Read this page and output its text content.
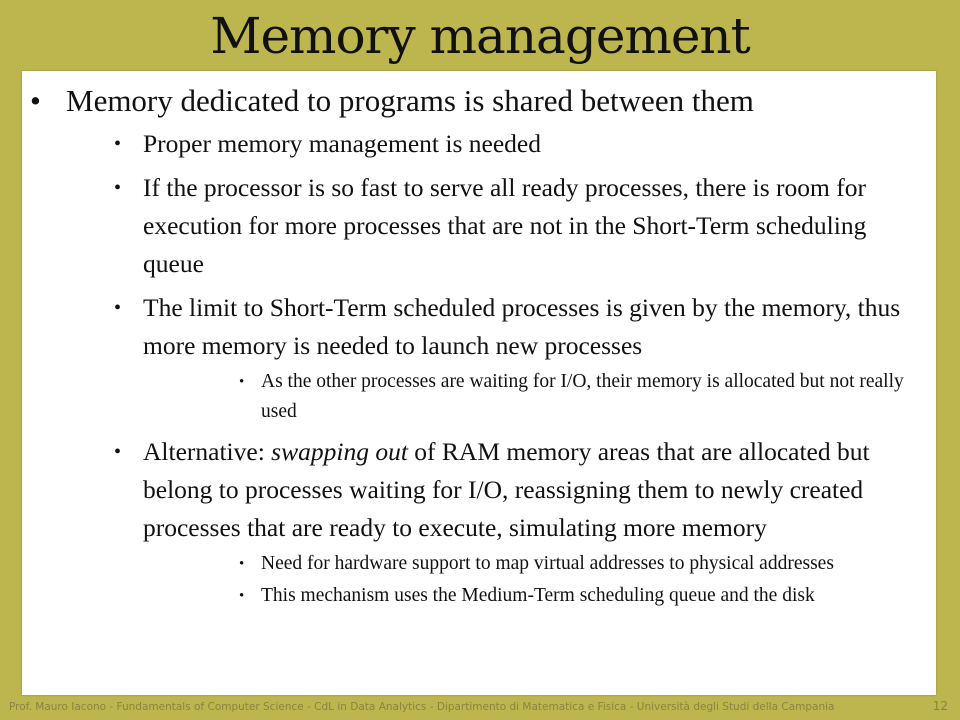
Memory management
• Memory dedicated to programs is shared between them
• Proper memory management is needed
• If the processor is so fast to serve all ready processes, there is room for execution for more processes that are not in the Short-Term scheduling queue
• The limit to Short-Term scheduled processes is given by the memory, thus more memory is needed to launch new processes
• As the other processes are waiting for I/O, their memory is allocated but not really used
• Alternative: swapping out of RAM memory areas that are allocated but belong to processes waiting for I/O, reassigning them to newly created processes that are ready to execute, simulating more memory
• Need for hardware support to map virtual addresses to physical addresses
• This mechanism uses the Medium-Term scheduling queue and the disk
Prof. Mauro Iacono - Fundamentals of Computer Science - CdL in Data Analytics - Dipartimento di Matematica e Fisica - Università degli Studi della Campania	12
